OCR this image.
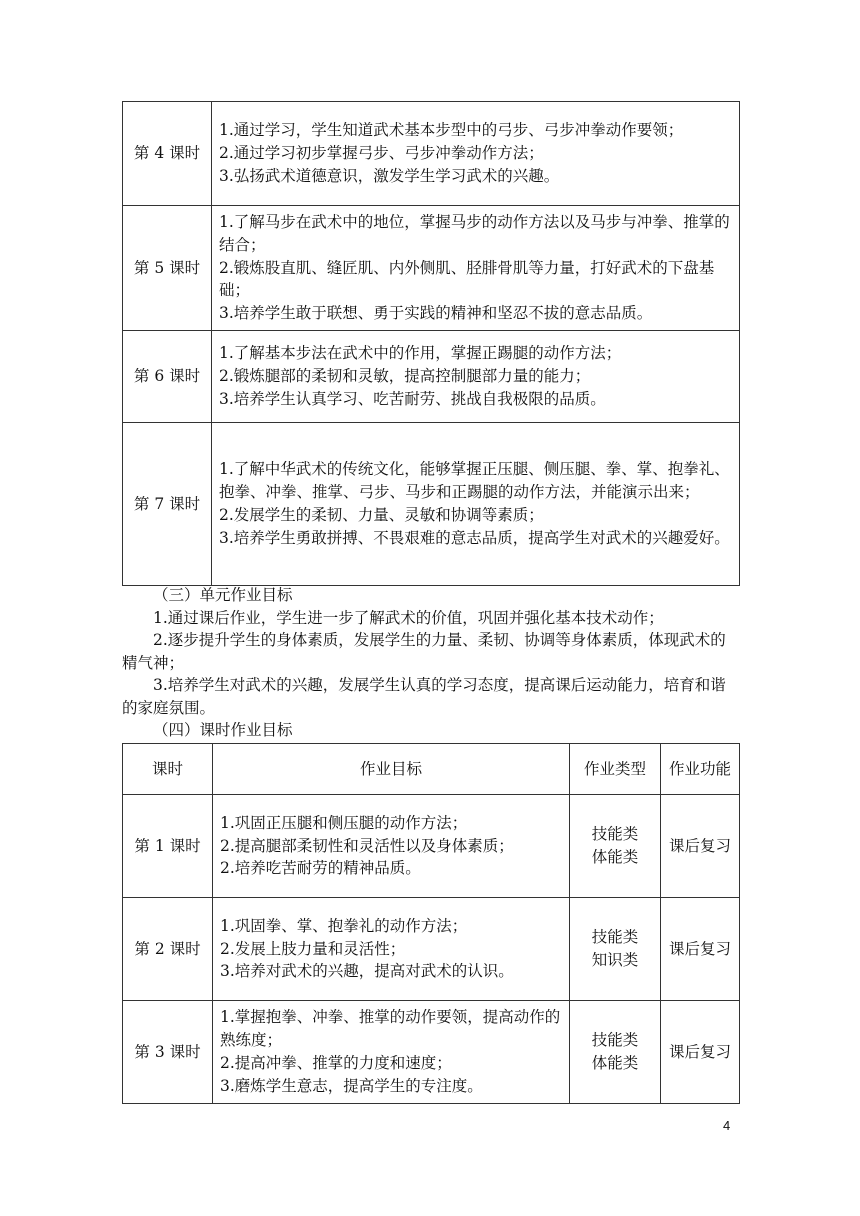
第 4 课时	1.通过学习，学生知道武术基本步型中的弓步、弓步冲拳动作要领；
2.通过学习初步掌握弓步、弓步冲拳动作方法；
3.弘扬武术道德意识，激发学生学习武术的兴趣。

第 5 课时	1.了解马步在武术中的地位，掌握马步的动作方法以及马步与冲拳、推掌的结合；
2.锻炼股直肌、缝匠肌、内外侧肌、胫腓骨肌等力量，打好武术的下盘基础；
3.培养学生敢于联想、勇于实践的精神和坚忍不拔的意志品质。

第 6 课时	1.了解基本步法在武术中的作用，掌握正踢腿的动作方法；
2.锻炼腿部的柔韧和灵敏，提高控制腿部力量的能力；
3.培养学生认真学习、吃苦耐劳、挑战自我极限的品质。

第 7 课时	1.了解中华武术的传统文化，能够掌握正压腿、侧压腿、拳、掌、抱拳礼、抱拳、冲拳、推掌、弓步、马步和正踢腿的动作方法，并能演示出来；
2.发展学生的柔韧、力量、灵敏和协调等素质；
3.培养学生勇敢拼搏、不畏艰难的意志品质，提高学生对武术的兴趣爱好。
（三）单元作业目标
1.通过课后作业，学生进一步了解武术的价值，巩固并强化基本技术动作；
2.逐步提升学生的身体素质，发展学生的力量、柔韧、协调等身体素质，体现武术的精气神；
3.培养学生对武术的兴趣，发展学生认真的学习态度，提高课后运动能力，培育和谐的家庭氛围。
（四）课时作业目标
课时	作业目标	作业类型	作业功能
第 1 课时	1.巩固正压腿和侧压腿的动作方法；
2.提高腿部柔韧性和灵活性以及身体素质；
2.培养吃苦耐劳的精神品质。	技能类
体能类	课后复习
第 2 课时	1.巩固拳、掌、抱拳礼的动作方法；
2.发展上肢力量和灵活性；
3.培养对武术的兴趣，提高对武术的认识。	技能类
知识类	课后复习
第 3 课时	1.掌握抱拳、冲拳、推掌的动作要领，提高动作的熟练度；
2.提高冲拳、推掌的力度和速度；
3.磨炼学生意志，提高学生的专注度。	技能类
体能类	课后复习
4
